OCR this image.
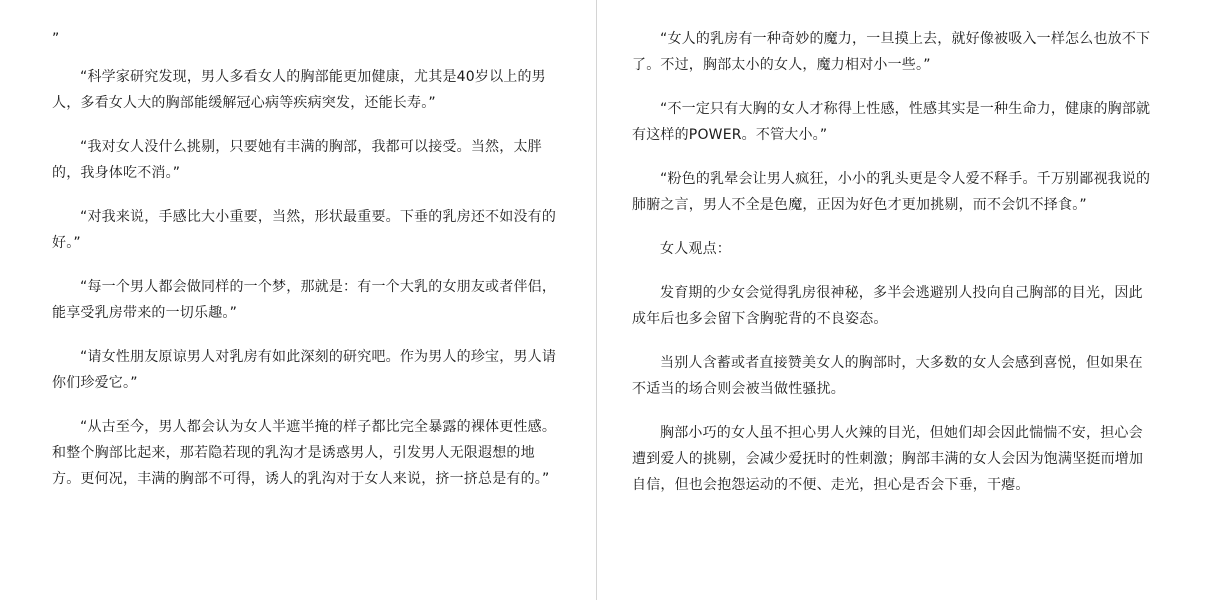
”

“科学家研究发现，男人多看女人的胸部能更加健康，尤其是40岁以上的男人，多看女人大的胸部能缓解冠心病等疾病突发，还能长寿。”

“我对女人没什么挑剔，只要她有丰满的胸部，我都可以接受。当然，太胖的，我身体吃不消。”

“对我来说，手感比大小重要，当然，形状最重要。下垂的乳房还不如没有的好。”

“每一个男人都会做同样的一个梦，那就是：有一个大乳的女朋友或者伴侣，能享受乳房带来的一切乐趣。”

“请女性朋友原谅男人对乳房有如此深刻的研究吧。作为男人的珍宝，男人请你们珍爱它。”

“从古至今，男人都会认为女人半遮半掩的样子都比完全暴露的裸体更性感。和整个胸部比起来，那若隐若现的乳沟才是诱惑男人，引发男人无限遐想的地方。更何况，丰满的胸部不可得，诱人的乳沟对于女人来说，挤一挤总是有的。”

“女人的乳房有一种奇妙的魔力，一旦摸上去，就好像被吸入一样怎么也放不下了。不过，胸部太小的女人，魔力相对小一些。”

“不一定只有大胸的女人才称得上性感，性感其实是一种生命力，健康的胸部就有这样的POWER。不管大小。”

“粉色的乳晕会让男人疯狂，小小的乳头更是令人爱不释手。千万别鄙视我说的肺腑之言，男人不全是色魔，正因为好色才更加挑剔，而不会饥不择食。”

女人观点：

发育期的少女会觉得乳房很神秘，多半会逃避别人投向自己胸部的目光，因此成年后也多会留下含胸驼背的不良姿态。

当别人含蓄或者直接赞美女人的胸部时，大多数的女人会感到喜悦，但如果在不适当的场合则会被当做性骚扰。

胸部小巧的女人虽不担心男人火辣的目光，但她们却会因此惴惴不安，担心会遭到爱人的挑剔，会减少爱抚时的性刺激；胸部丰满的女人会因为饱满坚挺而增加自信，但也会抱怨运动的不便、走光，担心是否会下垂，干瘪。
